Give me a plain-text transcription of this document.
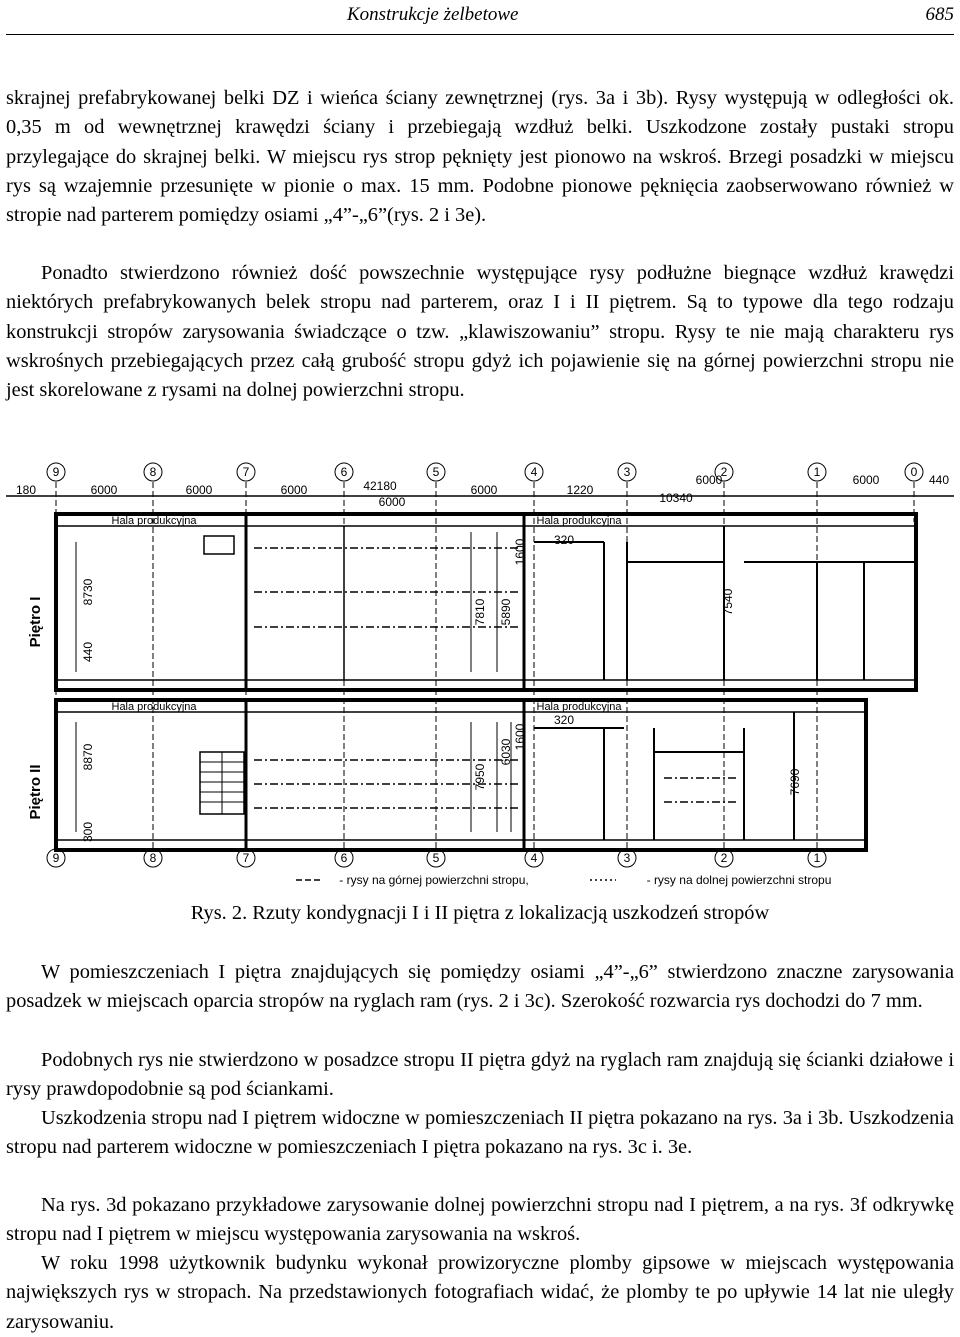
Konstrukcje żelbetowe	685

skrajnej prefabrykowanej belki DZ i wieńca ściany zewnętrznej (rys. 3a i 3b). Rysy występują w odległości ok. 0,35 m od wewnętrznej krawędzi ściany i przebiegają wzdłuż belki. Uszkodzone zostały pustaki stropu przylegające do skrajnej belki. W miejscu rys strop pęknięty jest pionowo na wskroś. Brzegi posadzki w miejscu rys są wzajemnie przesunięte w pionie o max. 15 mm. Podobne pionowe pęknięcia zaobserwowano również w stropie nad parterem pomiędzy osiami „4”-„6”(rys. 2 i 3e).

Ponadto stwierdzono również dość powszechnie występujące rysy podłużne biegnące wzdłuż krawędzi niektórych prefabrykowanych belek stropu nad parterem, oraz I i II piętrem. Są to typowe dla tego rodzaju konstrukcji stropów zarysowania świadczące o tzw. „klawiszowaniu” stropu. Rysy te nie mają charakteru rys wskrośnych przebiegających przez całą grubość stropu gdyż ich pojawienie się na górnej powierzchni stropu nie jest skorelowane z rysami na dolnej powierzchni stropu.

9	8	7	6	5	4	3	2	1	0
9	8	7	6	5	4	3	2	1
180	6000	6000	42180
6000
6000
6000	1220
6000
10340
6000	440
Hala produkcyjna	Hala produkcyjna
Hala produkcyjna	Hala produkcyjna
320
320
Piętro I
Piętro II
8730
440
7810 5890
1600
7540
8870
300
7950
6030
1600
7690
- rysy na górnej powierzchni stropu,	- rysy na dolnej powierzchni stropu
Rys. 2. Rzuty kondygnacji I i II piętra z lokalizacją uszkodzeń stropów

W pomieszczeniach I piętra znajdujących się pomiędzy osiami „4”-„6” stwierdzono znaczne zarysowania posadzek w miejscach oparcia stropów na ryglach ram (rys. 2 i 3c). Szerokość rozwarcia rys dochodzi do 7 mm.

Podobnych rys nie stwierdzono w posadzce stropu II piętra gdyż na ryglach ram znajdują się ścianki działowe i rysy prawdopodobnie są pod ściankami.

Uszkodzenia stropu nad I piętrem widoczne w pomieszczeniach II piętra pokazano na rys. 3a i 3b. Uszkodzenia stropu nad parterem widoczne w pomieszczeniach I piętra pokazano na rys. 3c i. 3e.

Na rys. 3d pokazano przykładowe zarysowanie dolnej powierzchni stropu nad I piętrem, a na rys. 3f odkrywkę stropu nad I piętrem w miejscu występowania zarysowania na wskroś.

W roku 1998 użytkownik budynku wykonał prowizoryczne plomby gipsowe w miejscach występowania największych rys w stropach. Na przedstawionych fotografiach widać, że plomby te po upływie 14 lat nie uległy zarysowaniu.
